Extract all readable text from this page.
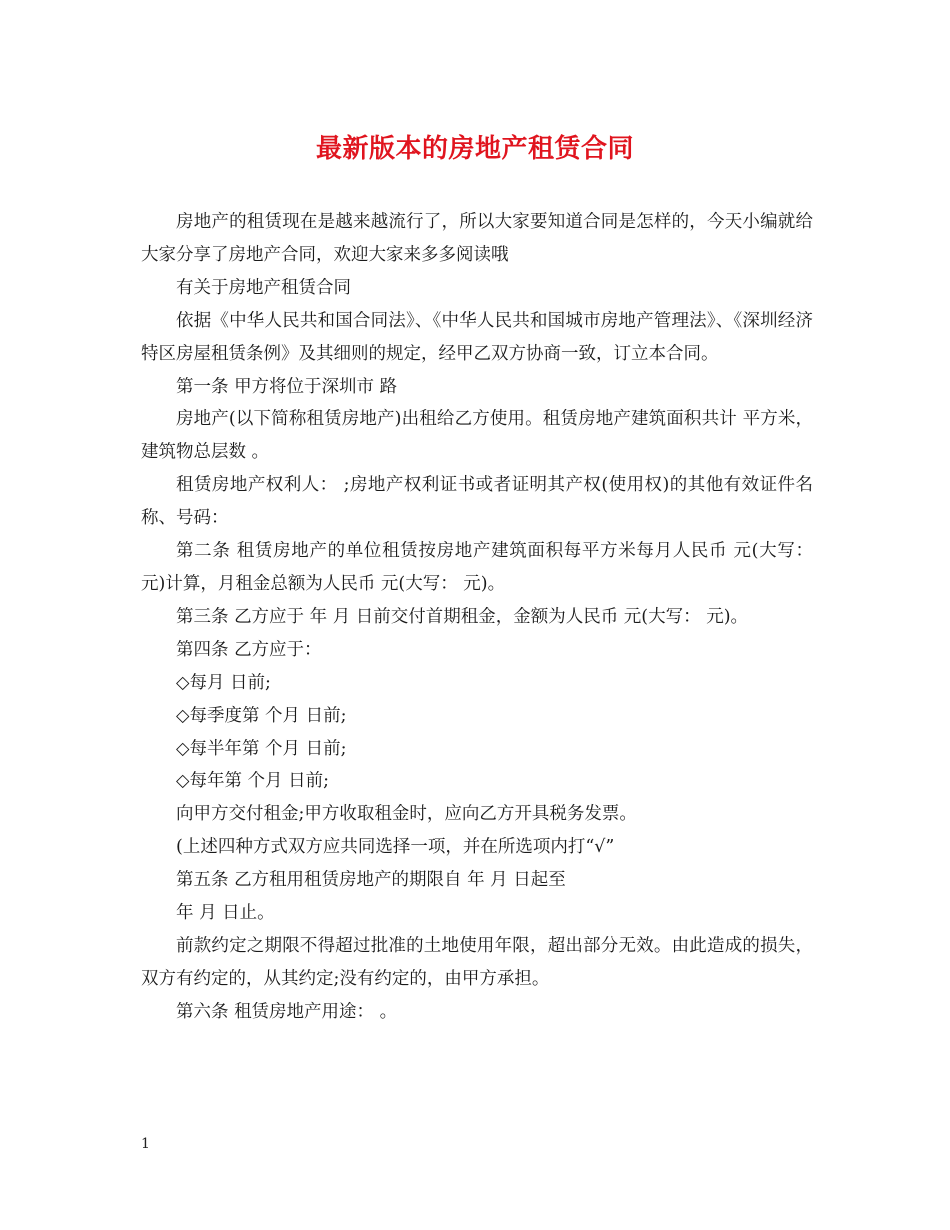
最新版本的房地产租赁合同

房地产的租赁现在是越来越流行了，所以大家要知道合同是怎样的，今天小编就给大家分享了房地产合同，欢迎大家来多多阅读哦

有关于房地产租赁合同

依据《中华人民共和国合同法》、《中华人民共和国城市房地产管理法》、《深圳经济特区房屋租赁条例》及其细则的规定，经甲乙双方协商一致，订立本合同。

第一条 甲方将位于深圳市 路

房地产(以下简称租赁房地产)出租给乙方使用。租赁房地产建筑面积共计 平方米，建筑物总层数 。

租赁房地产权利人： ;房地产权利证书或者证明其产权(使用权)的其他有效证件名称、号码：

第二条 租赁房地产的单位租赁按房地产建筑面积每平方米每月人民币 元(大写： 元)计算，月租金总额为人民币 元(大写： 元)。

第三条 乙方应于 年 月 日前交付首期租金，金额为人民币 元(大写： 元)。

第四条 乙方应于：

◇每月 日前;

◇每季度第 个月 日前;

◇每半年第 个月 日前;

◇每年第 个月 日前;

向甲方交付租金;甲方收取租金时，应向乙方开具税务发票。

(上述四种方式双方应共同选择一项，并在所选项内打“√”

第五条 乙方租用租赁房地产的期限自 年 月 日起至

年 月 日止。

前款约定之期限不得超过批准的土地使用年限，超出部分无效。由此造成的损失，双方有约定的，从其约定;没有约定的，由甲方承担。

第六条 租赁房地产用途： 。

1
